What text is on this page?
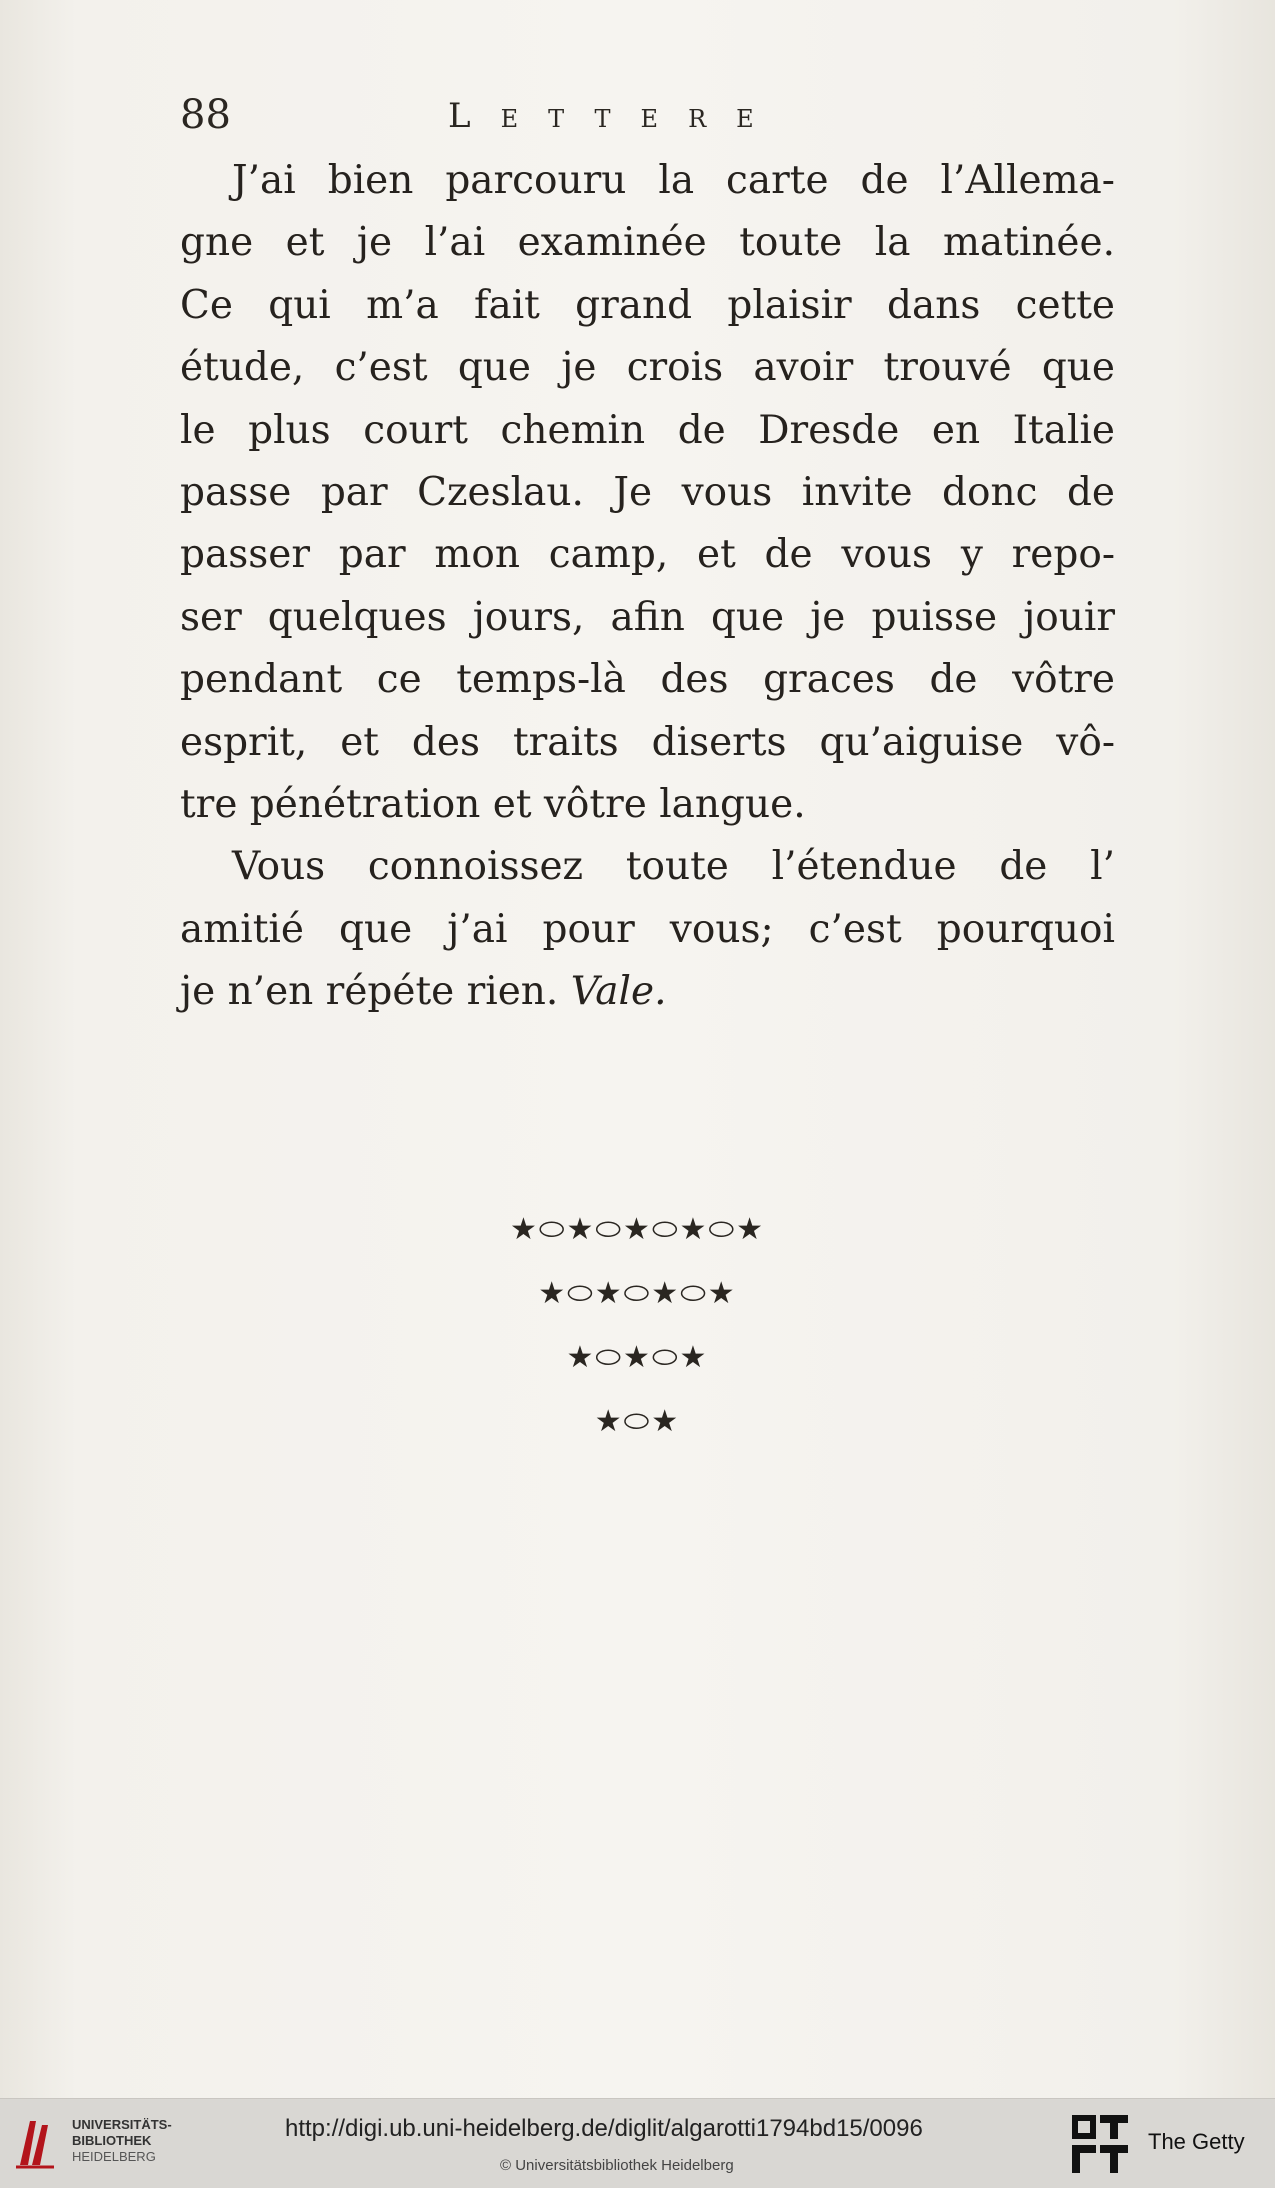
88	Lettere
J’ai bien parcouru la carte de l’Allema-
gne et je l’ai examinée toute la matinée.
Ce qui m’a fait grand plaisir dans cette
étude, c’est que je crois avoir trouvé que
le plus court chemin de Dresde en Italie
passe par Czeslau. Je vous invite donc de
passer par mon camp, et de vous y repo-
ser quelques jours, afin que je puisse jouir
pendant ce temps-là des graces de vôtre
esprit, et des traits diserts qu’aiguise vô-
tre pénétration et vôtre langue.
Vous connoissez toute l’étendue de l’
amitié que j’ai pour vous; c’est pourquoi
je n’en répéte rien. Vale.
★⬭★⬭★⬭★⬭★
★⬭★⬭★⬭★
★⬭★⬭★
★⬭★
UNIVERSITÄTS-
BIBLIOTHEK
HEIDELBERG
http://digi.ub.uni-heidelberg.de/diglit/algarotti1794bd15/0096
© Universitätsbibliothek Heidelberg
The Getty
